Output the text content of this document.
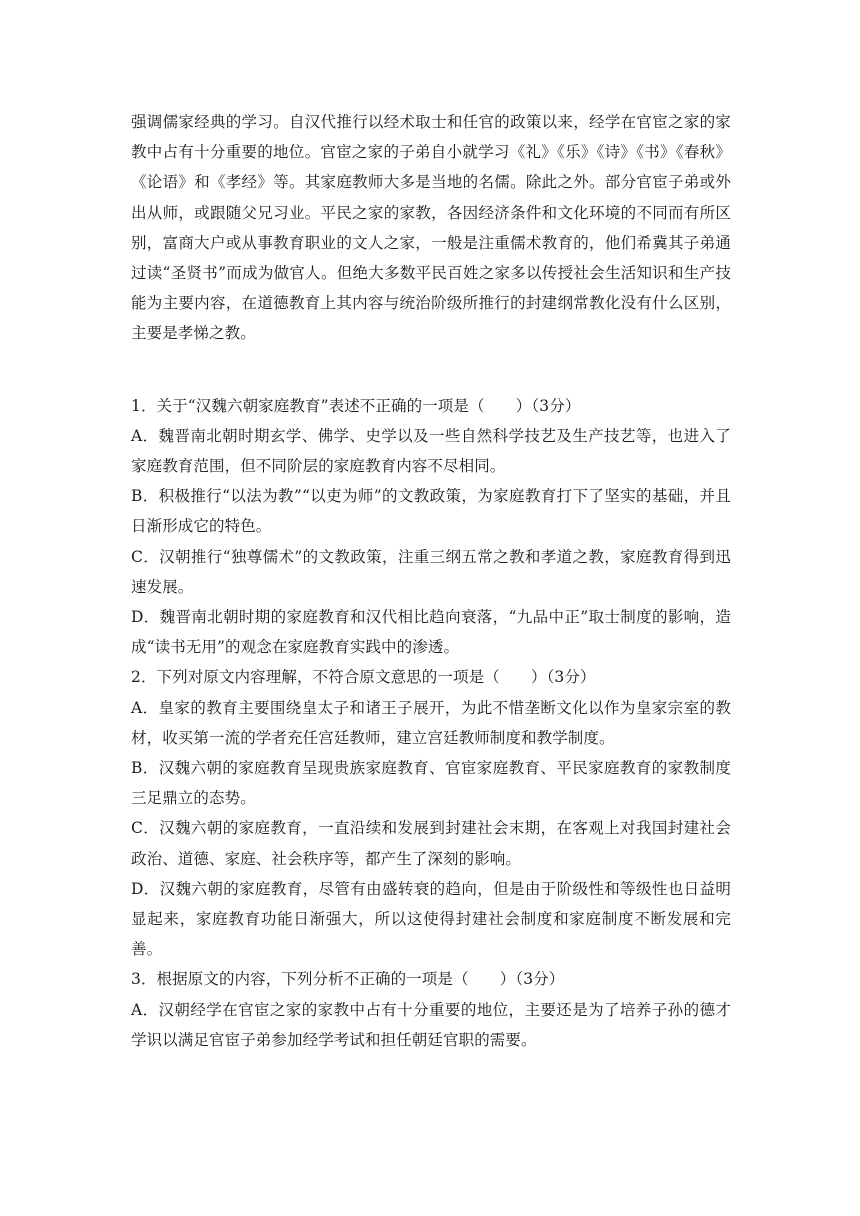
强调儒家经典的学习。自汉代推行以经术取士和任官的政策以来，经学在官宦之家的家教中占有十分重要的地位。官宦之家的子弟自小就学习《礼》《乐》《诗》《书》《春秋》《论语》和《孝经》等。其家庭教师大多是当地的名儒。除此之外。部分官宦子弟或外出从师，或跟随父兄习业。平民之家的家教，各因经济条件和文化环境的不同而有所区别，富商大户或从事教育职业的文人之家，一般是注重儒术教育的，他们希冀其子弟通过读“圣贤书”而成为做官人。但绝大多数平民百姓之家多以传授社会生活知识和生产技能为主要内容，在道德教育上其内容与统治阶级所推行的封建纲常教化没有什么区别，主要是孝悌之教。

1．关于“汉魏六朝家庭教育”表述不正确的一项是（　　）（3分）

A．魏晋南北朝时期玄学、佛学、史学以及一些自然科学技艺及生产技艺等，也进入了家庭教育范围，但不同阶层的家庭教育内容不尽相同。

B．积极推行“以法为教”“以吏为师”的文教政策，为家庭教育打下了坚实的基础，并且日渐形成它的特色。

C．汉朝推行“独尊儒术”的文教政策，注重三纲五常之教和孝道之教，家庭教育得到迅速发展。

D．魏晋南北朝时期的家庭教育和汉代相比趋向衰落，“九品中正”取士制度的影响，造成“读书无用”的观念在家庭教育实践中的渗透。

2．下列对原文内容理解，不符合原文意思的一项是（　　）（3分）

A．皇家的教育主要围绕皇太子和诸王子展开，为此不惜垄断文化以作为皇家宗室的教材，收买第一流的学者充任宫廷教师，建立宫廷教师制度和教学制度。

B．汉魏六朝的家庭教育呈现贵族家庭教育、官宦家庭教育、平民家庭教育的家教制度三足鼎立的态势。

C．汉魏六朝的家庭教育，一直沿续和发展到封建社会末期，在客观上对我国封建社会政治、道德、家庭、社会秩序等，都产生了深刻的影响。

D．汉魏六朝的家庭教育，尽管有由盛转衰的趋向，但是由于阶级性和等级性也日益明显起来，家庭教育功能日渐强大，所以这使得封建社会制度和家庭制度不断发展和完善。

3．根据原文的内容，下列分析不正确的一项是（　　）（3分）

A．汉朝经学在官宦之家的家教中占有十分重要的地位，主要还是为了培养子孙的德才学识以满足官宦子弟参加经学考试和担任朝廷官职的需要。
